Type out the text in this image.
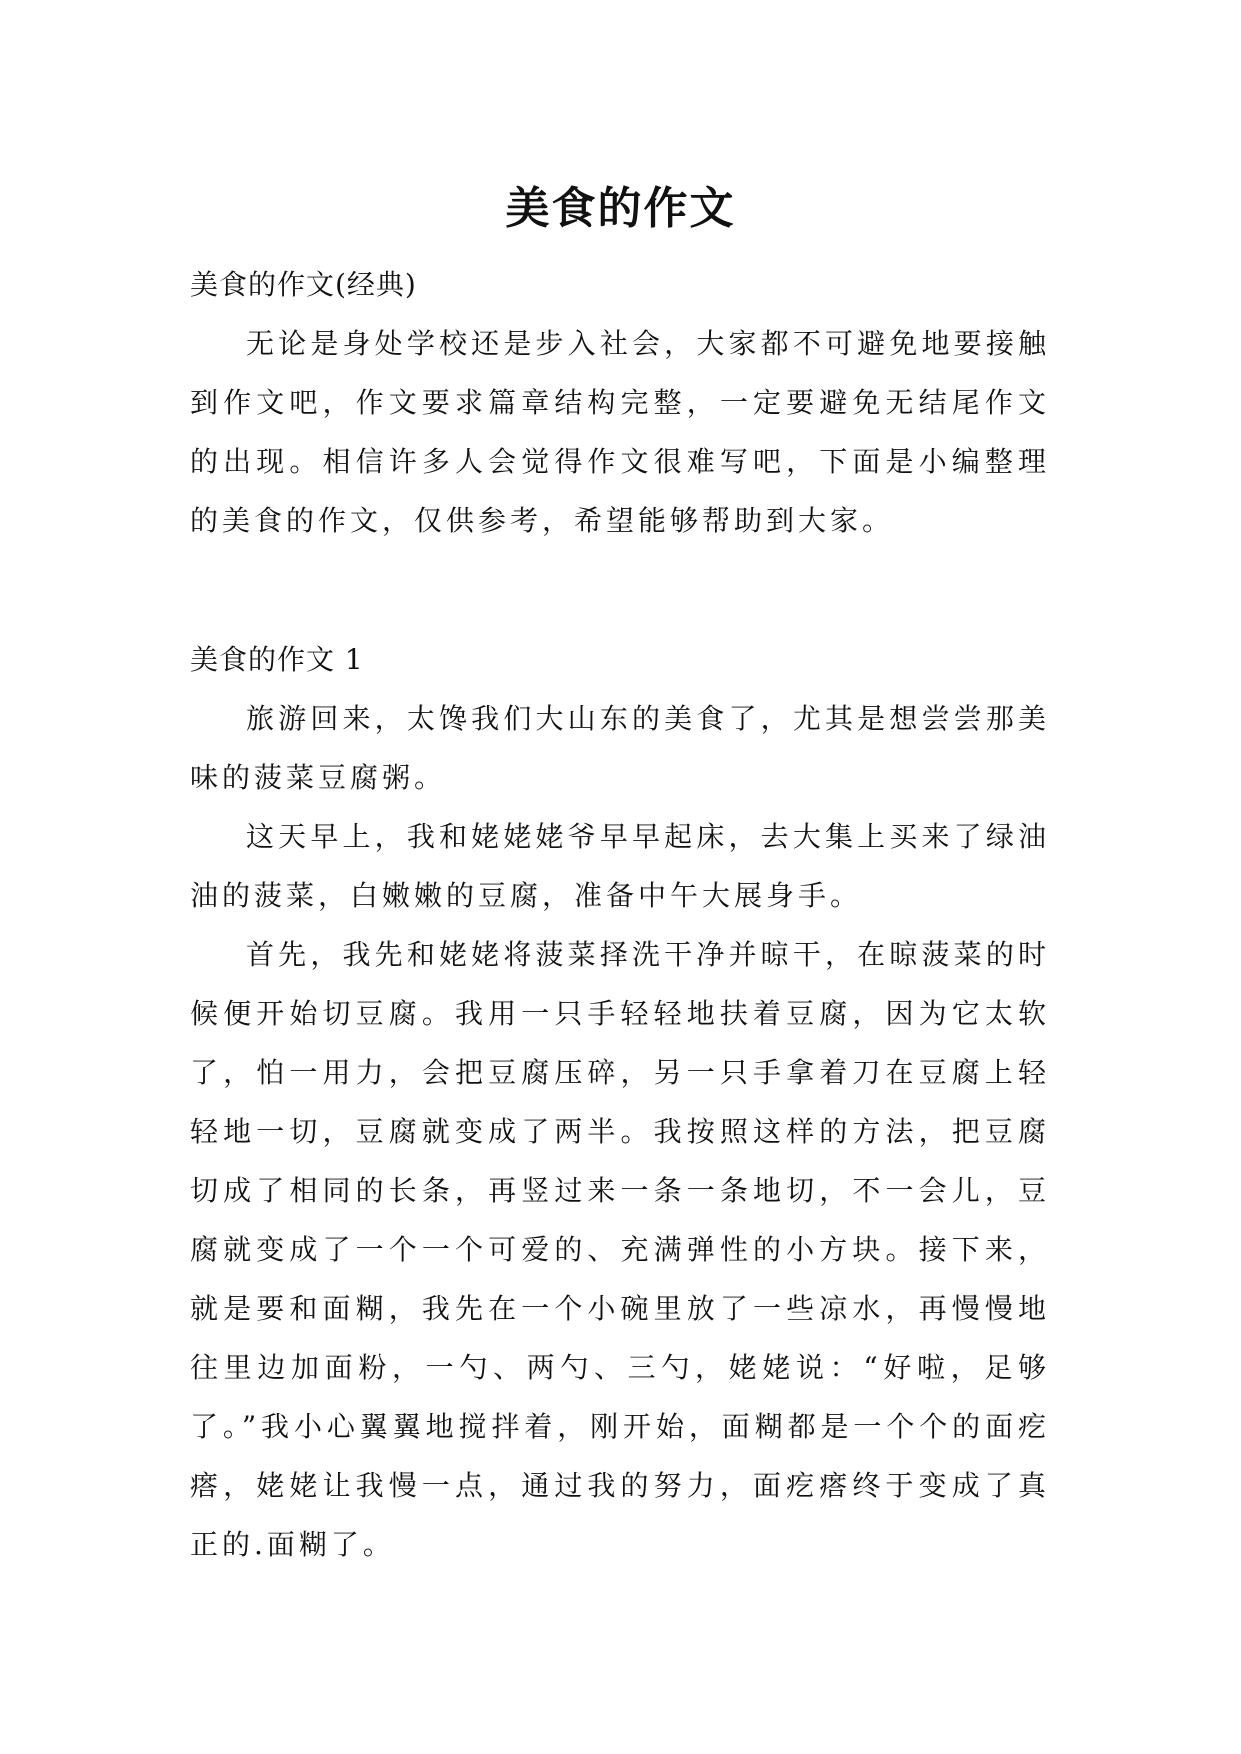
美食的作文

美食的作文(经典)

无论是身处学校还是步入社会，大家都不可避免地要接触到作文吧，作文要求篇章结构完整，一定要避免无结尾作文的出现。相信许多人会觉得作文很难写吧，下面是小编整理的美食的作文，仅供参考，希望能够帮助到大家。

美食的作文 1

旅游回来，太馋我们大山东的美食了，尤其是想尝尝那美味的菠菜豆腐粥。

这天早上，我和姥姥姥爷早早起床，去大集上买来了绿油油的菠菜，白嫩嫩的豆腐，准备中午大展身手。

首先，我先和姥姥将菠菜择洗干净并晾干，在晾菠菜的时候便开始切豆腐。我用一只手轻轻地扶着豆腐，因为它太软了，怕一用力，会把豆腐压碎，另一只手拿着刀在豆腐上轻轻地一切，豆腐就变成了两半。我按照这样的方法，把豆腐切成了相同的长条，再竖过来一条一条地切，不一会儿，豆腐就变成了一个一个可爱的、充满弹性的小方块。接下来，就是要和面糊，我先在一个小碗里放了一些凉水，再慢慢地往里边加面粉，一勺、两勺、三勺，姥姥说：“好啦，足够了。”我小心翼翼地搅拌着，刚开始，面糊都是一个个的面疙瘩，姥姥让我慢一点，通过我的努力，面疙瘩终于变成了真正的.面糊了。
